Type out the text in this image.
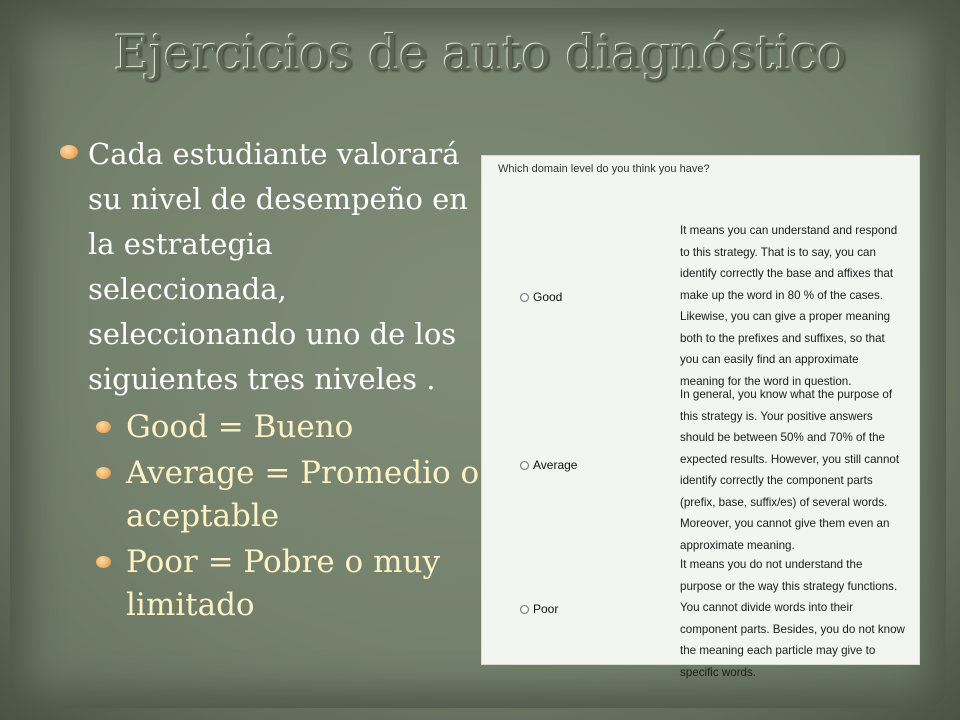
Ejercicios de auto diagnóstico
Cada estudiante valorará su nivel de desempeño en la estrategia seleccionada, seleccionando uno de los siguientes tres niveles .
Good = Bueno
Average = Promedio o aceptable
Poor = Pobre o muy limitado
Which domain level do you think you have?
Good
It means you can understand and respond to this strategy. That is to say, you can identify correctly the base and affixes that make up the word in 80 % of the cases. Likewise, you can give a proper meaning both to the prefixes and suffixes, so that you can easily find an approximate meaning for the word in question.
Average
In general, you know what the purpose of this strategy is. Your positive answers should be between 50% and 70% of the expected results. However, you still cannot identify correctly the component parts (prefix, base, suffix/es) of several words. Moreover, you cannot give them even an approximate meaning.
Poor
It means you do not understand the purpose or the way this strategy functions. You cannot divide words into their component parts. Besides, you do not know the meaning each particle may give to specific words.
